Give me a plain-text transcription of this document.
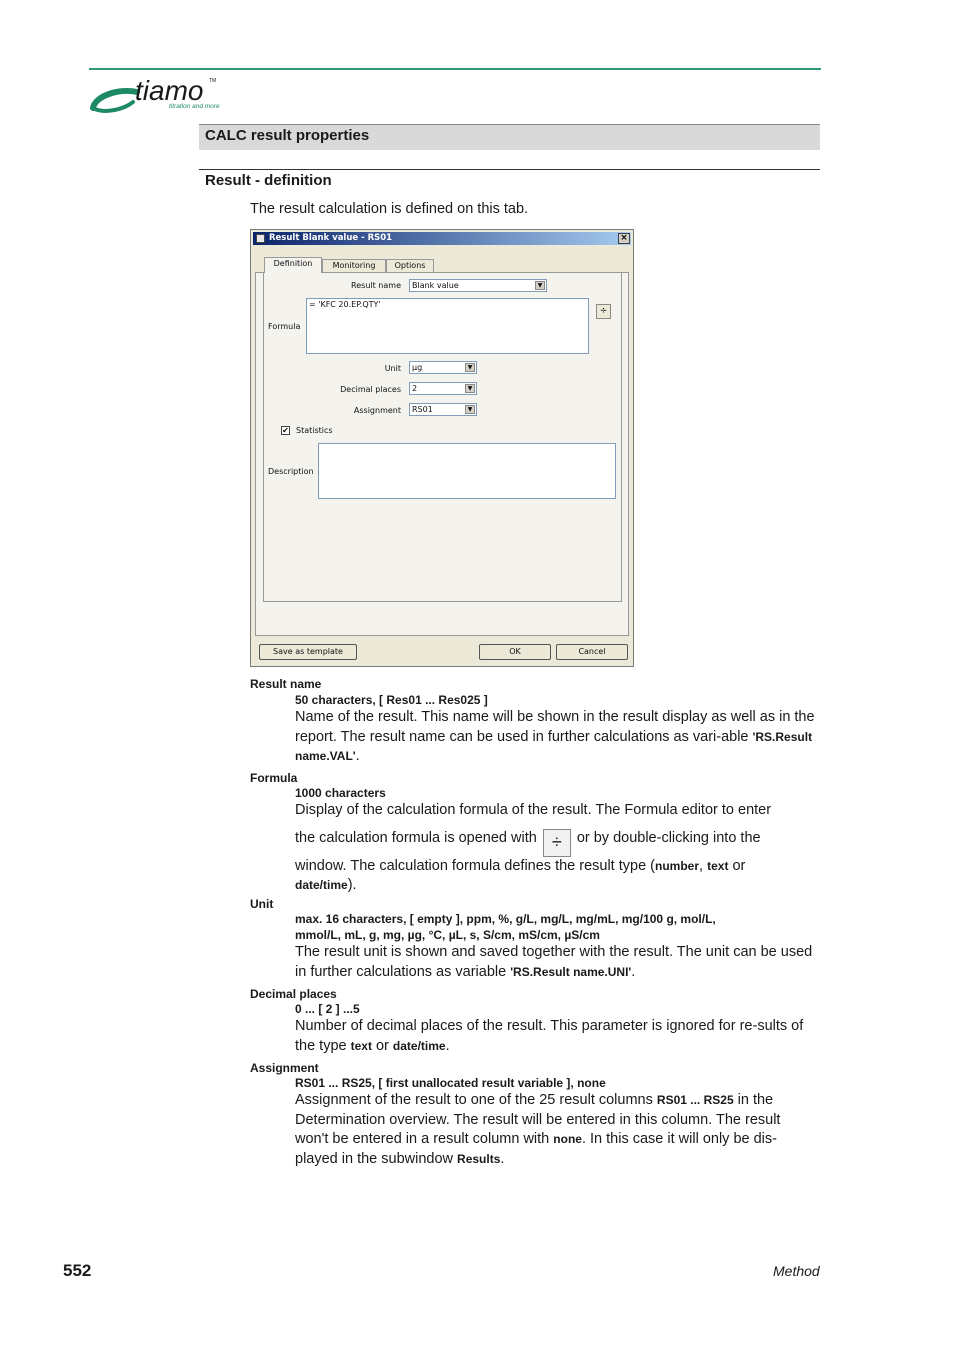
tiamo TM
titration and more
CALC result properties
Result - definition
The result calculation is defined on this tab.
Result Blank value - RS01	×
Definition	Monitoring	Options
Result name	Blank value	▼
Formula
= 'KFC 20.EP.QTY'
÷
Unit	µg	▼
Decimal places	2	▼
Assignment	RS01	▼
✔ Statistics
Description
Save as template	OK	Cancel
Result name
50 characters, [ Res01 ... Res025 ]
Name of the result. This name will be shown in the result display as well as in the report. The result name can be used in further calculations as vari-able 'RS.Result name.VAL'.
Formula
1000 characters
Display of the calculation formula of the result. The Formula editor to enter
the calculation formula is opened with ÷ or by double-clicking into the window. The calculation formula defines the result type (number, text or
date/time).
Unit
max. 16 characters, [ empty ], ppm, %, g/L, mg/L, mg/mL, mg/100 g, mol/L,
mmol/L, mL, g, mg, µg, °C, µL, s, S/cm, mS/cm, µS/cm
The result unit is shown and saved together with the result. The unit can be used in further calculations as variable 'RS.Result name.UNI'.
Decimal places
0 ... [ 2 ] ...5
Number of decimal places of the result. This parameter is ignored for re-sults of the type text or date/time.
Assignment
RS01 ... RS25, [ first unallocated result variable ], none
Assignment of the result to one of the 25 result columns RS01 ... RS25 in the Determination overview. The result will be entered in this column. The result won't be entered in a result column with none. In this case it will only be dis-played in the subwindow Results.
552	Method
